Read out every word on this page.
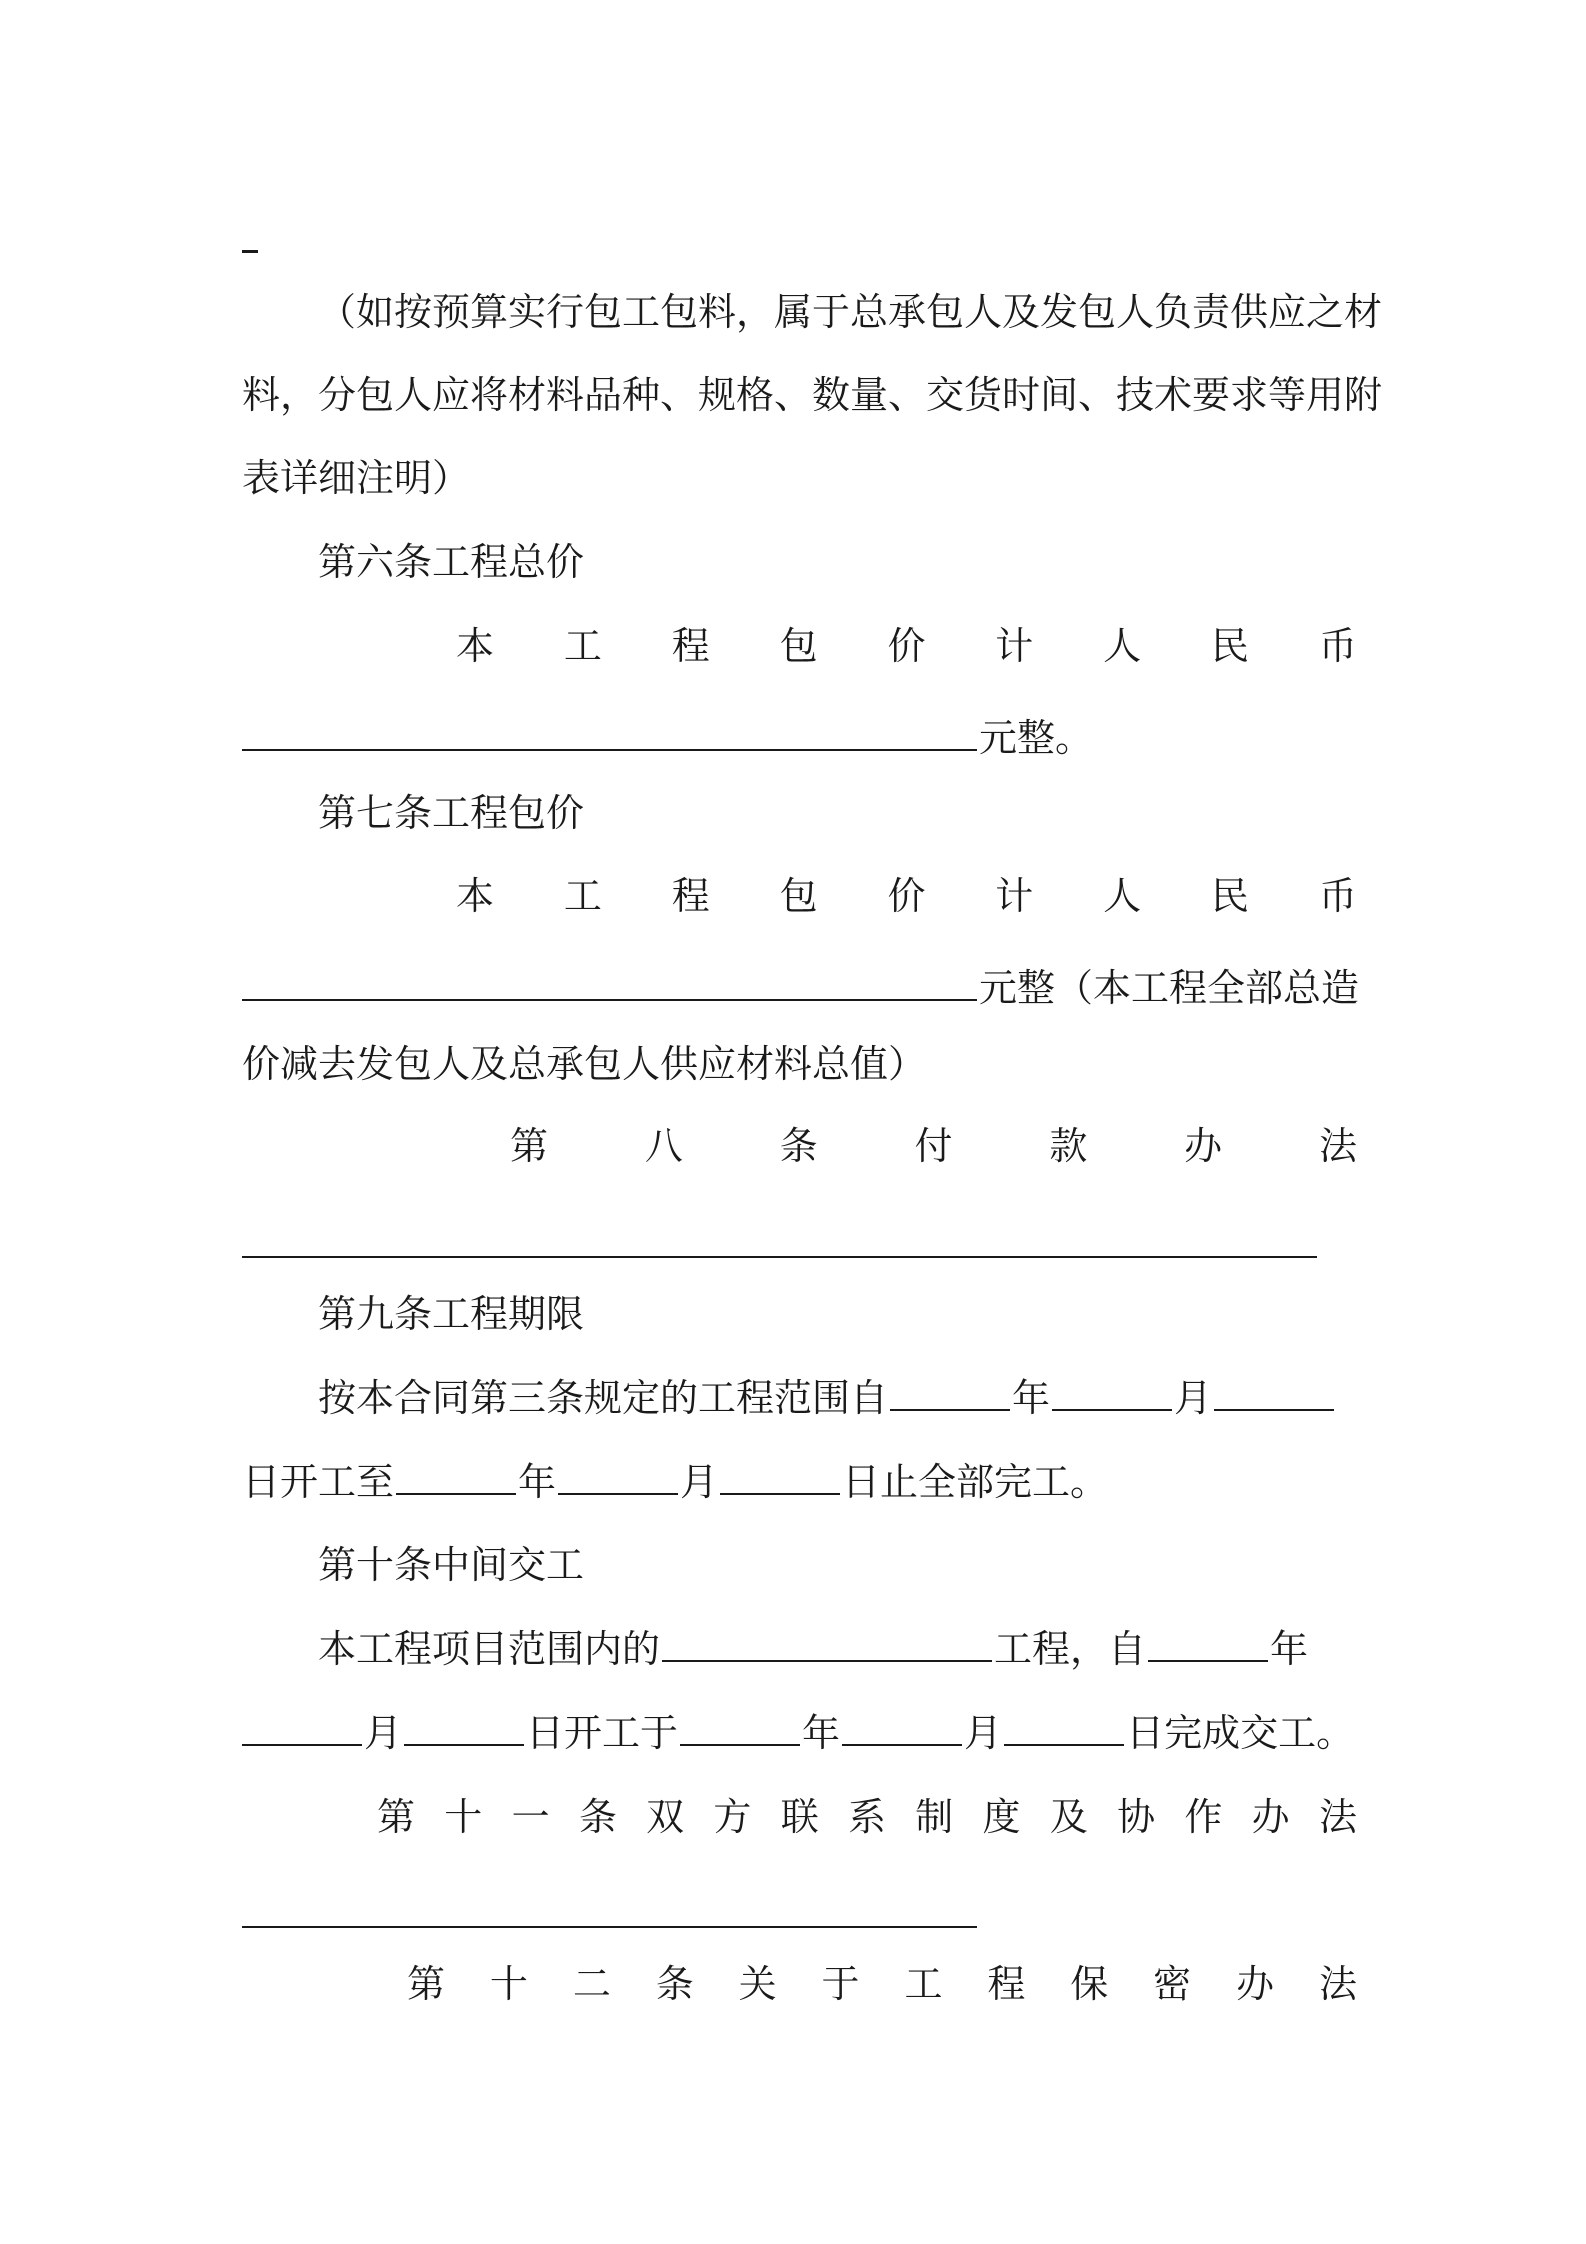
（如按预算实行包工包料，属于总承包人及发包人负责供应之材
料，分包人应将材料品种、规格、数量、交货时间、技术要求等用附
表详细注明）
第六条工程总价
本 工 程 包 价 计 人 民 币
元整。
第七条工程包价
本 工 程 包 价 计 人 民 币
元整（本工程全部总造
价减去发包人及总承包人供应材料总值）
第	八	条	付	款	办	法
第九条工程期限
按本合同第三条规定的工程范围自	年	月
日开工至	年	月	日止全部完工。
第十条中间交工
本工程项目范围内的	工程，自	年
月	日开工于	年	月	日完成交工。
第 十 一 条 双 方 联 系 制 度 及 协 作 办 法
第 十 二 条 关 于 工 程 保 密 办 法
